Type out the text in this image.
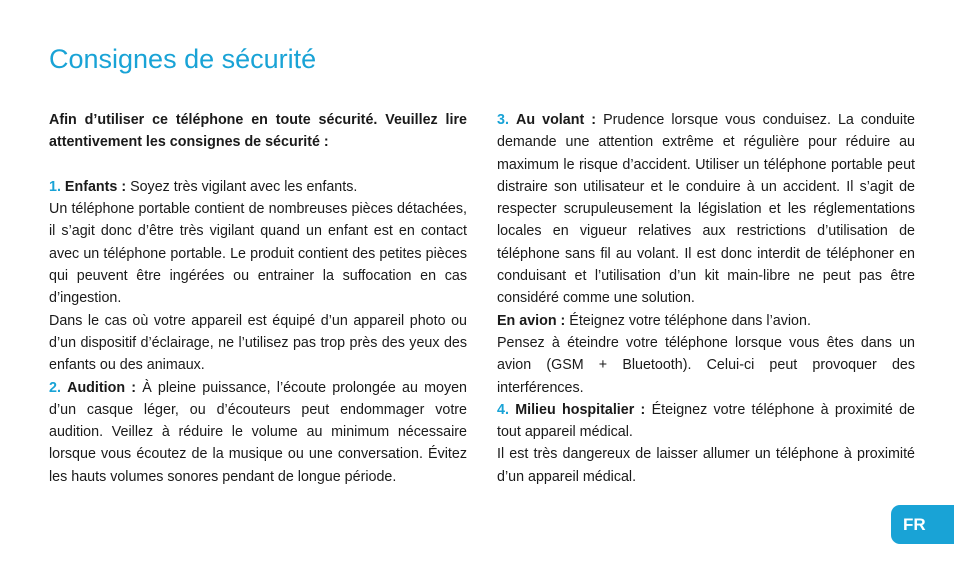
Consignes de sécurité

Afin d’utiliser ce téléphone en toute sécurité. Veuillez lire attentivement les consignes de sécurité :

1. Enfants : Soyez très vigilant avec les enfants.

Un téléphone portable contient de nombreuses pièces détachées, il s’agit donc d’être très vigilant quand un enfant est en contact avec un téléphone portable. Le produit contient des petites pièces qui peuvent être ingérées ou entrainer la suffocation en cas d’ingestion.

Dans le cas où votre appareil est équipé d’un appareil photo ou d’un dispositif d’éclairage, ne l’utilisez pas trop près des yeux des enfants ou des animaux.

2. Audition : À pleine puissance, l’écoute prolongée au moyen d’un casque léger, ou d’écouteurs peut endommager votre audition. Veillez à réduire le volume au minimum nécessaire lorsque vous écoutez de la musique ou une conversation. Évitez les hauts volumes sonores pendant de longue période.

3. Au volant : Prudence lorsque vous conduisez. La conduite demande une attention extrême et régulière pour réduire au maximum le risque d’accident. Utiliser un téléphone portable peut distraire son utilisateur et le conduire à un accident. Il s’agit de respecter scrupuleusement la législation et les réglementations locales en vigueur relatives aux restrictions d’utilisation de téléphone sans fil au volant. Il est donc interdit de téléphoner en conduisant et l’utilisation d’un kit main-libre ne peut pas être considéré comme une solution.

En avion : Éteignez votre téléphone dans l’avion.

Pensez à éteindre votre téléphone lorsque vous êtes dans un avion (GSM + Bluetooth). Celui-ci peut provoquer des interférences.

4. Milieu hospitalier : Éteignez votre téléphone à proximité de tout appareil médical.

Il est très dangereux de laisser allumer un téléphone à proximité d’un appareil médical.

FR
